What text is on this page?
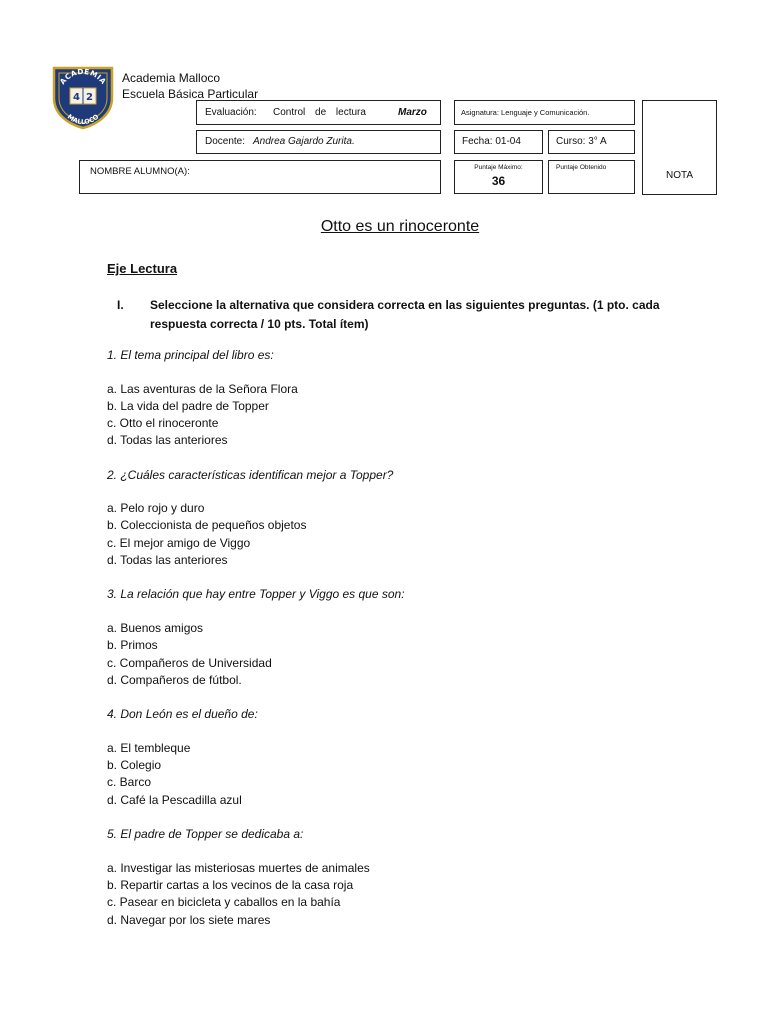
ACADEMIA
MALLOCO
4 2
Academia Malloco
Escuela Básica Particular
Evaluación: Control de lectura	Marzo	Asignatura: Lenguaje y Comunicación.
NOTA
Docente: Andrea Gajardo Zurita.	Fecha: 01-04	Curso: 3° A
NOMBRE ALUMNO(A):	Puntaje Máximo:
36
Puntaje Obtenido
Otto es un rinoceronte
Eje Lectura
I. Seleccione la alternativa que considera correcta en las siguientes preguntas. (1 pto. cada respuesta correcta / 10 pts. Total ítem)
1. El tema principal del libro es:
a. Las aventuras de la Señora Flora
b. La vida del padre de Topper
c. Otto el rinoceronte
d. Todas las anteriores
2. ¿Cuáles características identifican mejor a Topper?
a. Pelo rojo y duro
b. Coleccionista de pequeños objetos
c. El mejor amigo de Viggo
d. Todas las anteriores
3. La relación que hay entre Topper y Viggo es que son:
a. Buenos amigos
b. Primos
c. Compañeros de Universidad
d. Compañeros de fútbol.
4. Don León es el dueño de:
a. El tembleque
b. Colegio
c. Barco
d. Café la Pescadilla azul
5. El padre de Topper se dedicaba a:
a. Investigar las misteriosas muertes de animales
b. Repartir cartas a los vecinos de la casa roja
c. Pasear en bicicleta y caballos en la bahía
d. Navegar por los siete mares
